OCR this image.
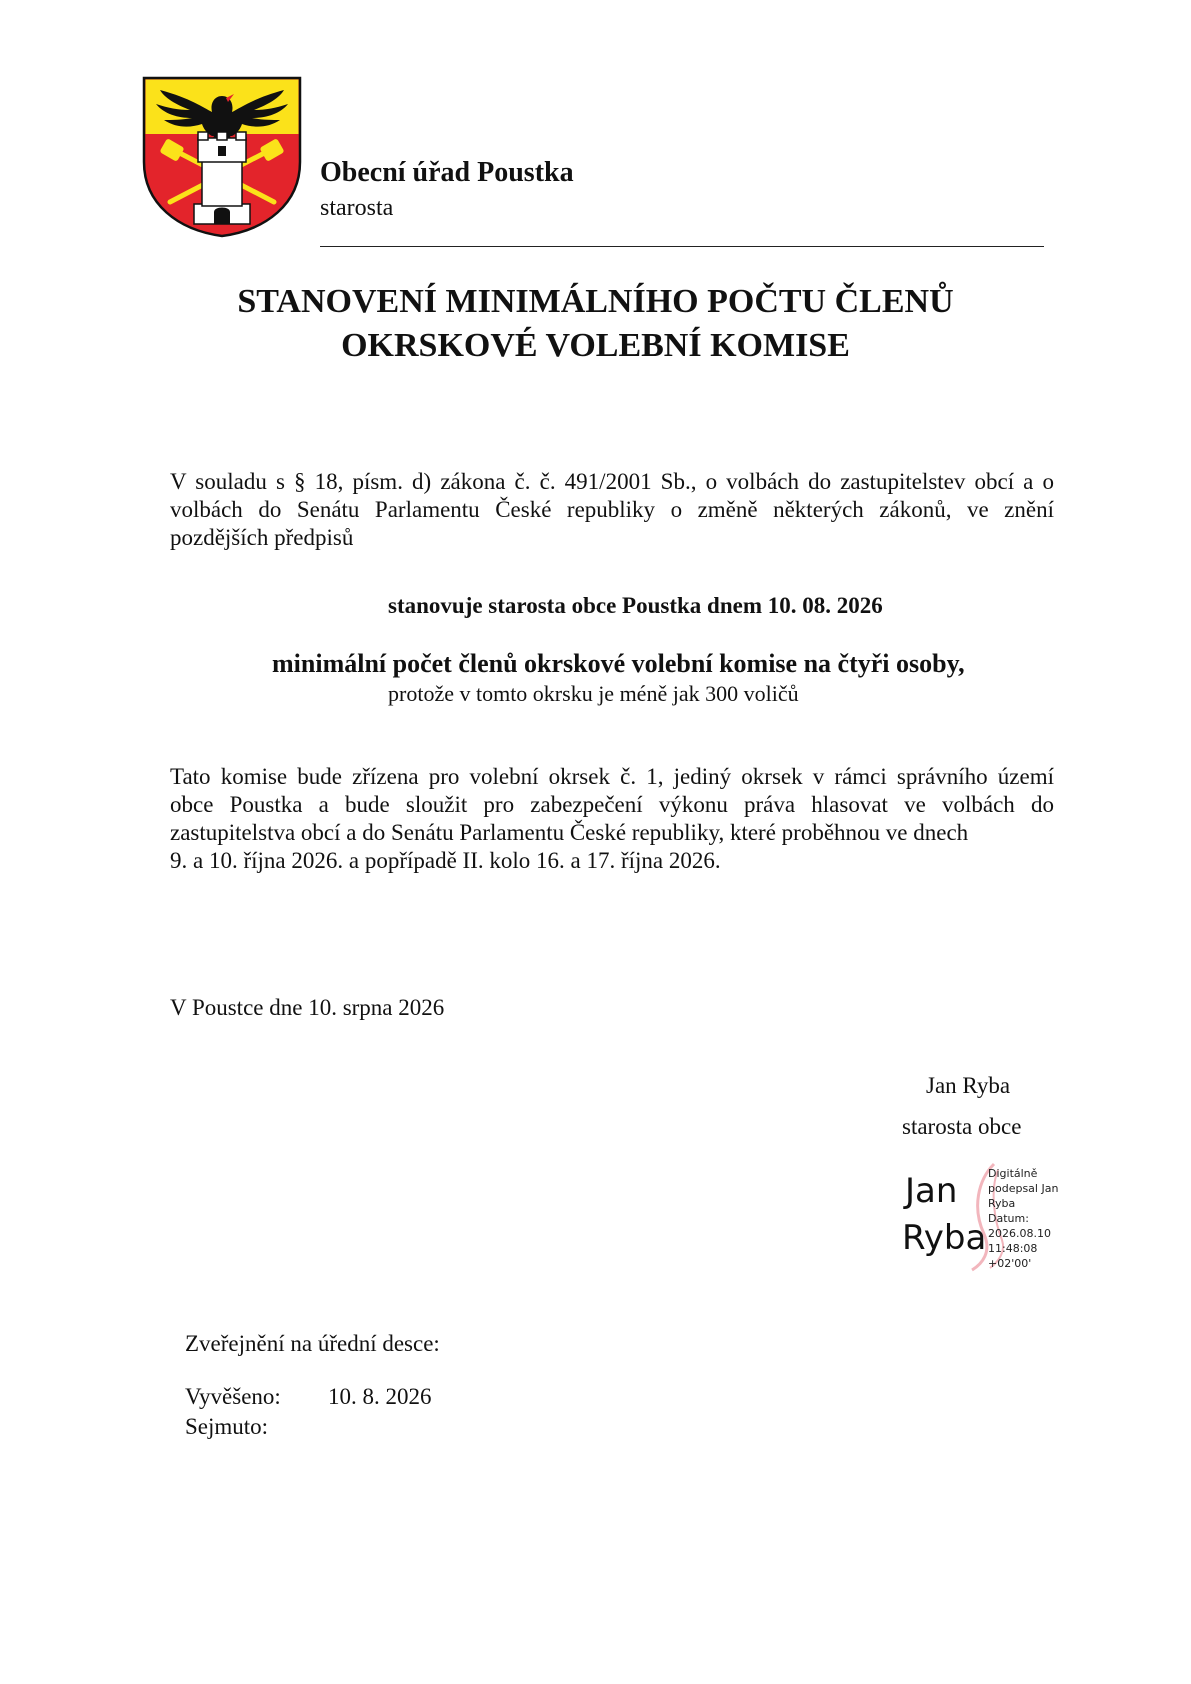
Obecní úřad Poustka
starosta
STANOVENÍ MINIMÁLNÍHO POČTU ČLENŮ
OKRSKOVÉ VOLEBNÍ KOMISE
V souladu s § 18, písm. d) zákona č. č. 491/2001 Sb., o volbách do zastupitelstev obcí a o
volbách do Senátu Parlamentu České republiky o změně některých zákonů, ve znění
pozdějších předpisů
stanovuje starosta obce Poustka dnem 10. 08. 2026
minimální počet členů okrskové volební komise na čtyři osoby,
protože v tomto okrsku je méně jak 300 voličů
Tato komise bude zřízena pro volební okrsek č. 1, jediný okrsek v rámci správního území
obce Poustka a bude sloužit pro zabezpečení výkonu práva hlasovat ve volbách do
zastupitelstva obcí a do Senátu Parlamentu České republiky, které proběhnou ve dnech
9. a 10. října 2026. a popřípadě II. kolo 16. a 17. října 2026.
V Poustce dne 10. srpna 2026
Jan Ryba
starosta obce
Jan
Ryba
Digitálně
podepsal Jan
Ryba
Datum:
2026.08.10
11:48:08
+02'00'
Zveřejnění na úřední desce:
Vyvěšeno: 10. 8. 2026
Sejmuto:
